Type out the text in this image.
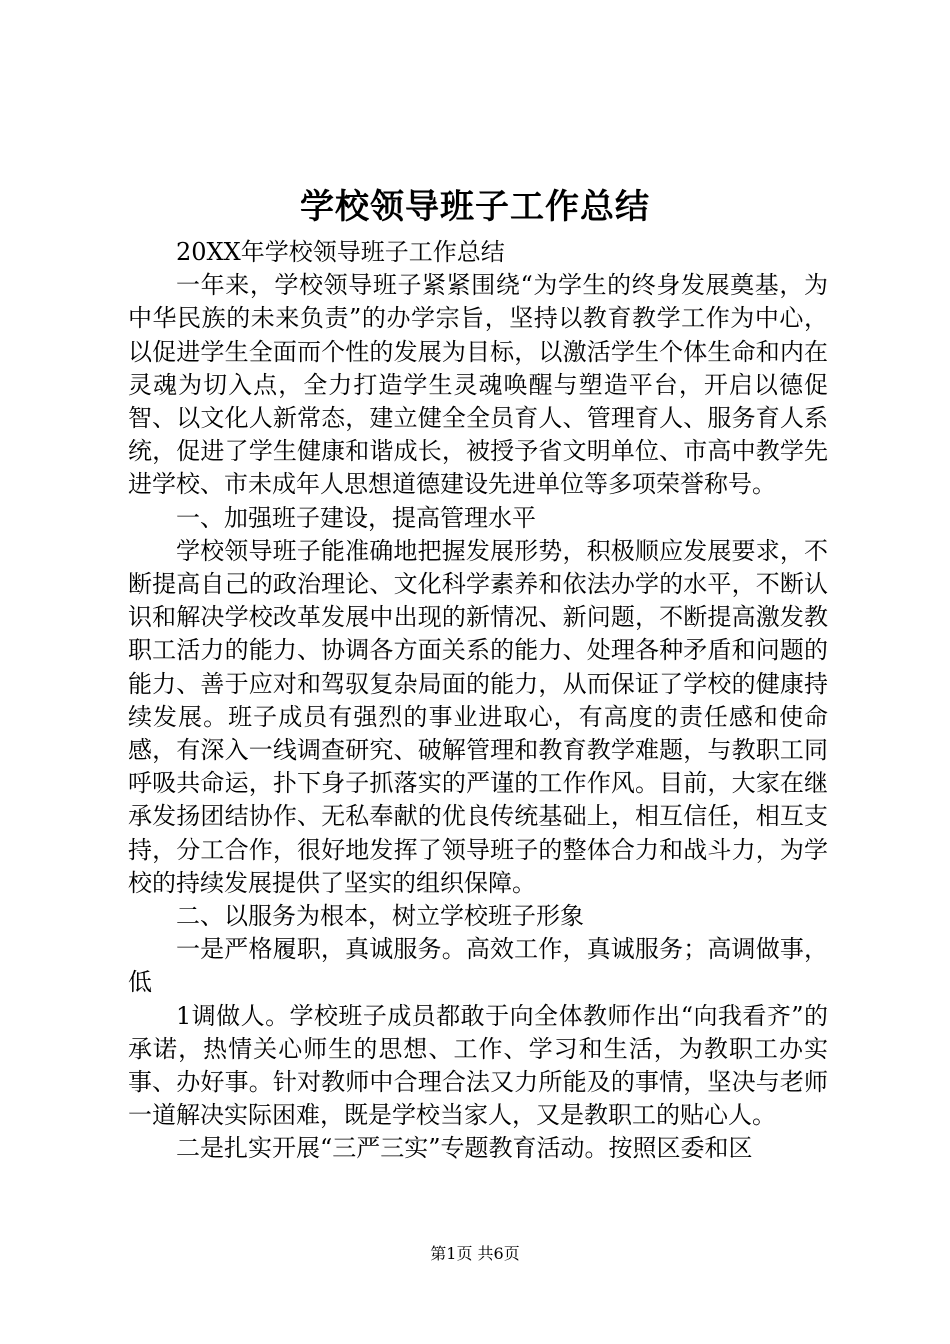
学校领导班子工作总结

20XX年学校领导班子工作总结

一年来，学校领导班子紧紧围绕“为学生的终身发展奠基，为中华民族的未来负责”的办学宗旨，坚持以教育教学工作为中心，以促进学生全面而个性的发展为目标，以激活学生个体生命和内在灵魂为切入点，全力打造学生灵魂唤醒与塑造平台，开启以德促智、以文化人新常态，建立健全全员育人、管理育人、服务育人系统，促进了学生健康和谐成长，被授予省文明单位、市高中教学先进学校、市未成年人思想道德建设先进单位等多项荣誉称号。

一、加强班子建设，提高管理水平

学校领导班子能准确地把握发展形势，积极顺应发展要求，不断提高自己的政治理论、文化科学素养和依法办学的水平，不断认识和解决学校改革发展中出现的新情况、新问题，不断提高激发教职工活力的能力、协调各方面关系的能力、处理各种矛盾和问题的能力、善于应对和驾驭复杂局面的能力，从而保证了学校的健康持续发展。班子成员有强烈的事业进取心，有高度的责任感和使命感，有深入一线调查研究、破解管理和教育教学难题，与教职工同呼吸共命运，扑下身子抓落实的严谨的工作作风。目前，大家在继承发扬团结协作、无私奉献的优良传统基础上，相互信任，相互支持，分工合作，很好地发挥了领导班子的整体合力和战斗力，为学校的持续发展提供了坚实的组织保障。

二、以服务为根本，树立学校班子形象

一是严格履职，真诚服务。高效工作，真诚服务；高调做事，低

1调做人。学校班子成员都敢于向全体教师作出“向我看齐”的承诺，热情关心师生的思想、工作、学习和生活，为教职工办实事、办好事。针对教师中合理合法又力所能及的事情，坚决与老师一道解决实际困难，既是学校当家人，又是教职工的贴心人。

二是扎实开展“三严三实”专题教育活动。按照区委和区

第1页 共6页
